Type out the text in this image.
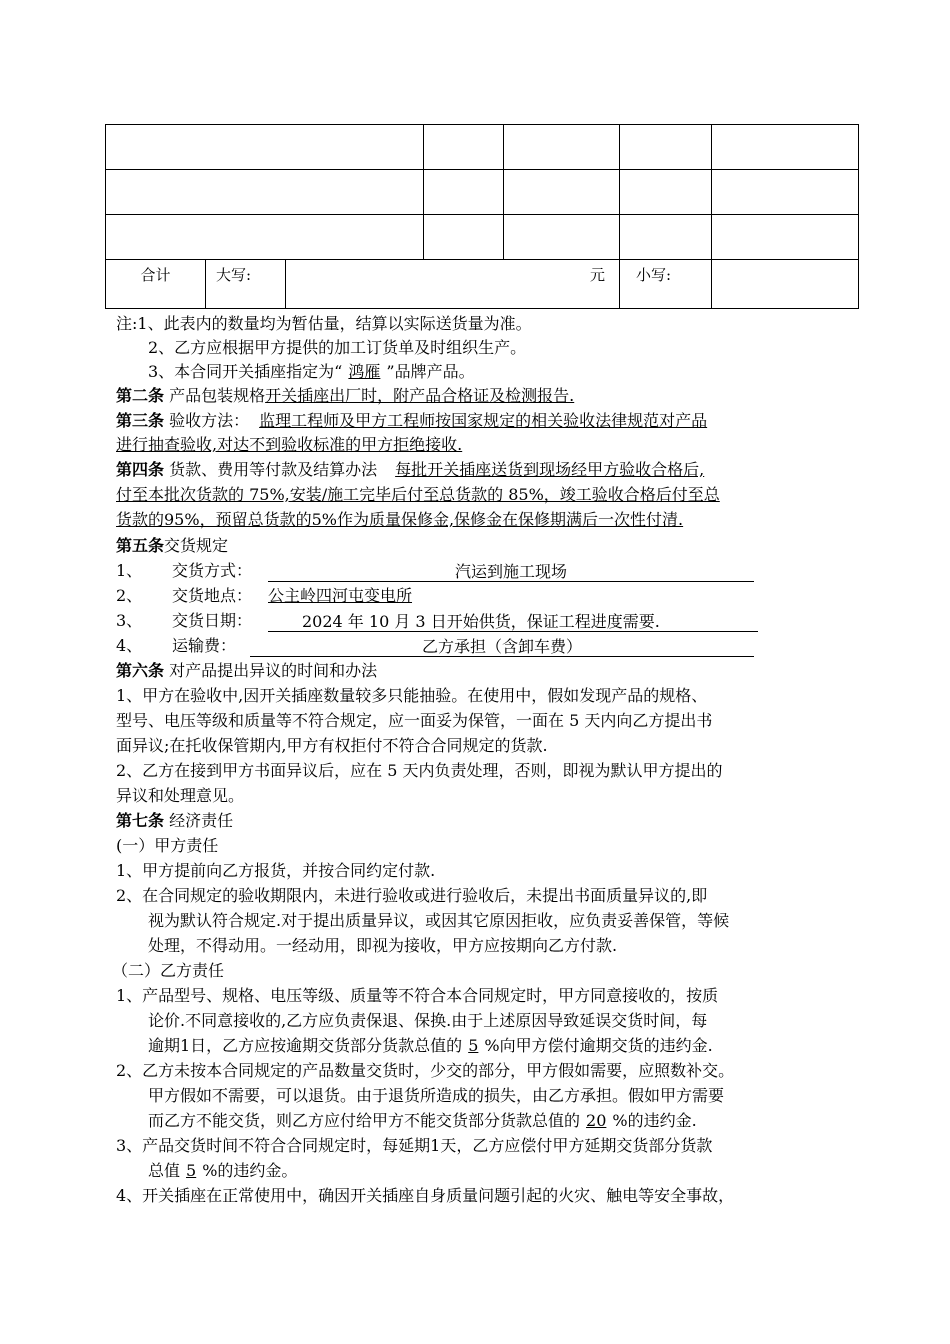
合计	大写:	元			小写:	
注:1、此表内的数量均为暂估量，结算以实际送货量为准。
2、乙方应根据甲方提供的加工订货单及时组织生产。
3、本合同开关插座指定为“ 鸿雁 ”品牌产品。
第二条 产品包装规格开关插座出厂时，附产品合格证及检测报告.
第三条 验收方法： 监理工程师及甲方工程师按国家规定的相关验收法律规范对产品
进行抽查验收,对达不到验收标准的甲方拒绝接收.
第四条 货款、费用等付款及结算办法 每批开关插座送货到现场经甲方验收合格后,
付至本批次货款的 75%,安装/施工完毕后付至总货款的 85%，竣工验收合格后付至总
货款的95%，预留总货款的5%作为质量保修金,保修金在保修期满后一次性付清.
第五条交货规定
1、 交货方式：	汽运到施工现场
2、 交货地点： 公主岭四河屯变电所
3、 交货日期：	2024 年 10 月 3 日开始供货，保证工程进度需要.
4、 运输费：	乙方承担（含卸车费）
第六条 对产品提出异议的时间和办法
1、甲方在验收中,因开关插座数量较多只能抽验。在使用中，假如发现产品的规格、
型号、电压等级和质量等不符合规定，应一面妥为保管，一面在 5 天内向乙方提出书
面异议;在托收保管期内,甲方有权拒付不符合合同规定的货款.
2、乙方在接到甲方书面异议后，应在 5 天内负责处理，否则，即视为默认甲方提出的
异议和处理意见。
第七条 经济责任
(一）甲方责任
1、甲方提前向乙方报货，并按合同约定付款.
2、在合同规定的验收期限内，未进行验收或进行验收后，未提出书面质量异议的,即
视为默认符合规定.对于提出质量异议，或因其它原因拒收，应负责妥善保管，等候
处理，不得动用。一经动用，即视为接收，甲方应按期向乙方付款.
（二）乙方责任
1、产品型号、规格、电压等级、质量等不符合本合同规定时，甲方同意接收的，按质
论价.不同意接收的,乙方应负责保退、保换.由于上述原因导致延误交货时间，每
逾期1日，乙方应按逾期交货部分货款总值的 5 %向甲方偿付逾期交货的违约金.
2、乙方未按本合同规定的产品数量交货时，少交的部分，甲方假如需要，应照数补交。
甲方假如不需要，可以退货。由于退货所造成的损失，由乙方承担。假如甲方需要
而乙方不能交货，则乙方应付给甲方不能交货部分货款总值的 20 %的违约金.
3、产品交货时间不符合合同规定时，每延期1天，乙方应偿付甲方延期交货部分货款
总值 5 %的违约金。
4、开关插座在正常使用中，确因开关插座自身质量问题引起的火灾、触电等安全事故，
